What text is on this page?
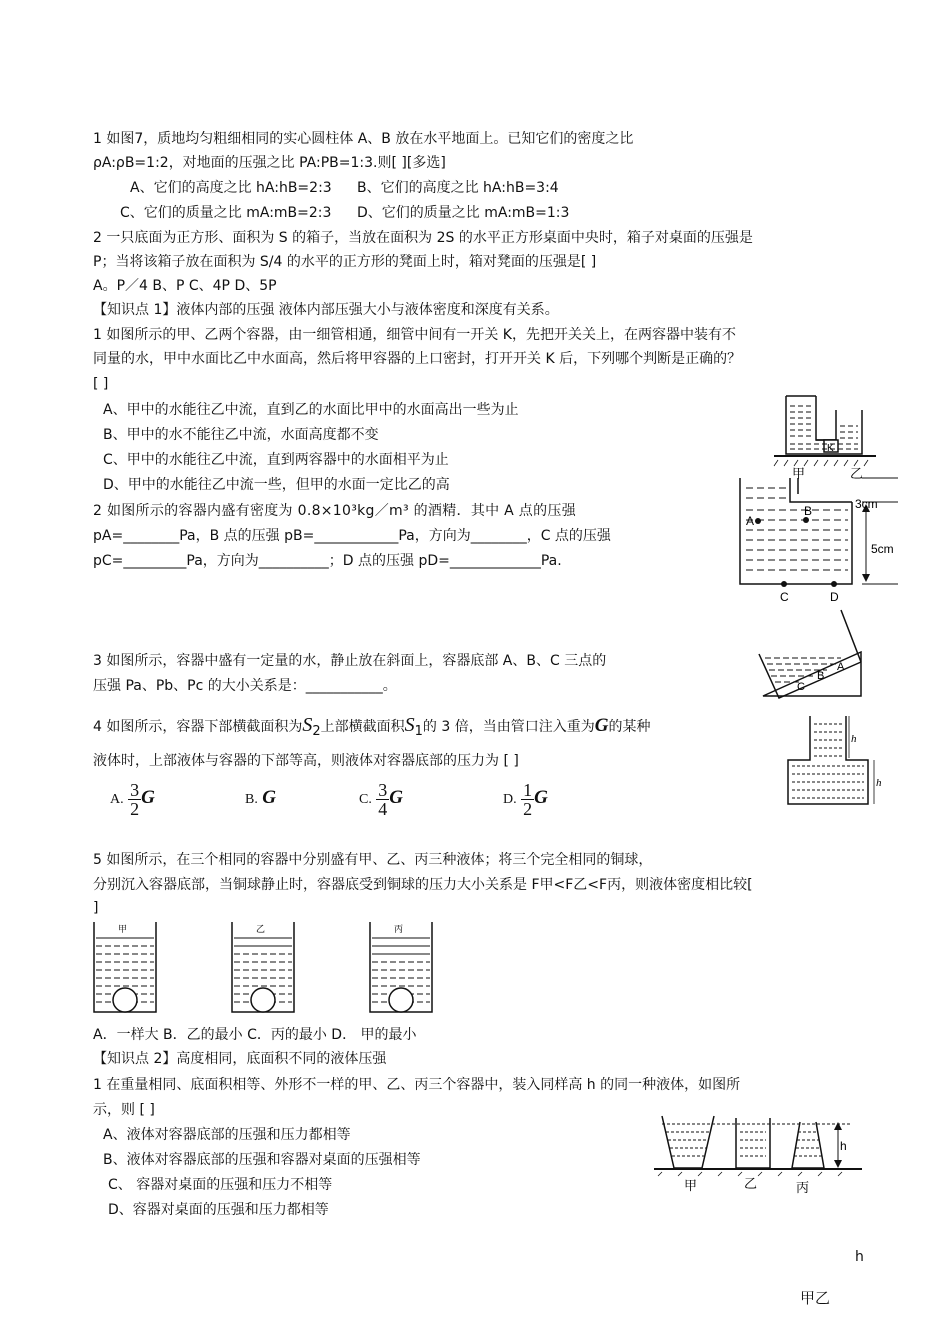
1 如图7，质地均匀粗细相同的实心圆柱体 A、B 放在水平地面上。已知它们的密度之比
ρA:ρB=1:2，对地面的压强之比 PA:PB=1:3.则[ ][多选]
A、它们的高度之比 hA:hB=2:3 B、它们的高度之比 hA:hB=3:4
C、它们的质量之比 mA:mB=2:3 D、它们的质量之比 mA:mB=1:3
2 一只底面为正方形、面积为 S 的箱子，当放在面积为 2S 的水平正方形桌面中央时，箱子对桌面的压强是
P；当将该箱子放在面积为 S/4 的水平的正方形的凳面上时，箱对凳面的压强是[ ]
A。P／4 B、P C、4P D、5P
【知识点 1】液体内部的压强 液体内部压强大小与液体密度和深度有关系。
1 如图所示的甲、乙两个容器，由一细管相通，细管中间有一开关 K，先把开关关上，在两容器中装有不
同量的水，甲中水面比乙中水面高，然后将甲容器的上口密封，打开开关 K 后，下列哪个判断是正确的？
[ ]
A、甲中的水能往乙中流，直到乙的水面比甲中的水面高出一些为止
B、甲中的水不能往乙中流，水面高度都不变
C、甲中的水能往乙中流，直到两容器中的水面相平为止
D、甲中的水能往乙中流一些，但甲的水面一定比乙的高
K
甲	乙
2 如图所示的容器内盛有密度为 0.8×10³kg／m³ 的酒精．其中 A 点的压强
pA=________Pa，B 点的压强 pB=____________Pa，方向为________，C 点的压强
pC=_________Pa，方向为__________；D 点的压强 pD=_____________Pa.
A
B
C	D
3cm
5cm
3 如图所示，容器中盛有一定量的水，静止放在斜面上，容器底部 A、B、C 三点的
压强 Pa、Pb、Pc 的大小关系是：___________。
A
B
C
4 如图所示，容器下部横截面积为$S_2$上部横截面积$S_1$的 3 倍，当由管口注入重为G的某种
液体时，上部液体与容器的下部等高，则液体对容器底部的压力为 [ ]
A. $\frac{3}{2}$ G	B. G	C. $\frac{3}{4}$ G	D. $\frac{1}{2}$ G
h
h
5 如图所示，在三个相同的容器中分别盛有甲、乙、丙三种液体；将三个完全相同的铜球，
分别沉入容器底部，当铜球静止时，容器底受到铜球的压力大小关系是 F甲<F乙<F丙，则液体密度相比较[
]
甲	乙	丙
A．一样大 B．乙的最小 C．丙的最小 D． 甲的最小
【知识点 2】高度相同，底面积不同的液体压强
1 在重量相同、底面积相等、外形不一样的甲、乙、丙三个容器中，装入同样高 h 的同一种液体，如图所
示，则 [ ]
A、液体对容器底部的压强和压力都相等
B、液体对容器底部的压强和容器对桌面的压强相等
C、 容器对桌面的压强和压力不相等
D、容器对桌面的压强和压力都相等
h
甲	乙	丙
h
甲乙
